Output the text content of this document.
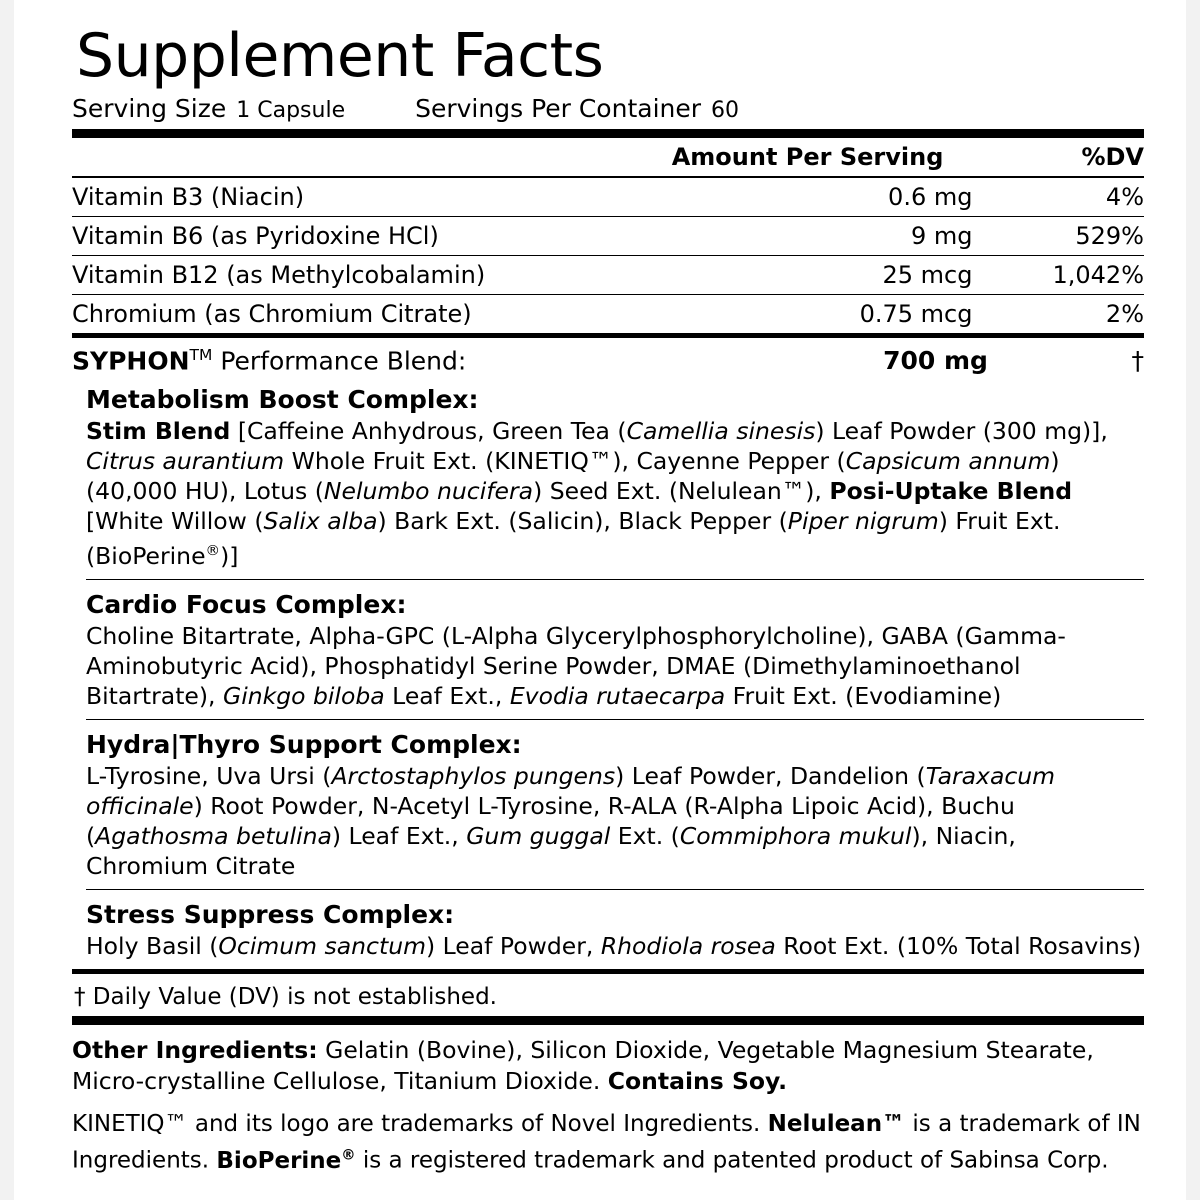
Supplement Facts
Serving Size 1 Capsule	Servings Per Container 60
	Amount Per Serving	%DV
Vitamin B3 (Niacin)	0.6 mg	4%
Vitamin B6 (as Pyridoxine HCl)	9 mg	529%
Vitamin B12 (as Methylcobalamin)	25 mcg	1,042%
Chromium (as Chromium Citrate)	0.75 mcg	2%
SYPHON™ Performance Blend:	700 mg	†
Metabolism Boost Complex:
Stim Blend [Caffeine Anhydrous, Green Tea (Camellia sinesis) Leaf Powder (300 mg)], Citrus aurantium Whole Fruit Ext. (KINETIQ™), Cayenne Pepper (Capsicum annum)(40,000 HU), Lotus (Nelumbo nucifera) Seed Ext. (Nelulean™), Posi-Uptake Blend [White Willow (Salix alba) Bark Ext. (Salicin), Black Pepper (Piper nigrum) Fruit Ext. (BioPerine®)]
Cardio Focus Complex:
Choline Bitartrate, Alpha-GPC (L-Alpha Glycerylphosphorylcholine), GABA (Gamma-Aminobutyric Acid), Phosphatidyl Serine Powder, DMAE (Dimethylaminoethanol Bitartrate), Ginkgo biloba Leaf Ext., Evodia rutaecarpa Fruit Ext. (Evodiamine)
Hydra|Thyro Support Complex:
L-Tyrosine, Uva Ursi (Arctostaphylos pungens) Leaf Powder, Dandelion (Taraxacum officinale) Root Powder, N-Acetyl L-Tyrosine, R-ALA (R-Alpha Lipoic Acid), Buchu (Agathosma betulina) Leaf Ext., Gum guggal Ext. (Commiphora mukul), Niacin, Chromium Citrate
Stress Suppress Complex:
Holy Basil (Ocimum sanctum) Leaf Powder, Rhodiola rosea Root Ext. (10% Total Rosavins)
† Daily Value (DV) is not established.
Other Ingredients: Gelatin (Bovine), Silicon Dioxide, Vegetable Magnesium Stearate, Micro-crystalline Cellulose, Titanium Dioxide. Contains Soy.
KINETIQ™ and its logo are trademarks of Novel Ingredients. Nelulean™ is a trademark of IN Ingredients. BioPerine® is a registered trademark and patented product of Sabinsa Corp.
